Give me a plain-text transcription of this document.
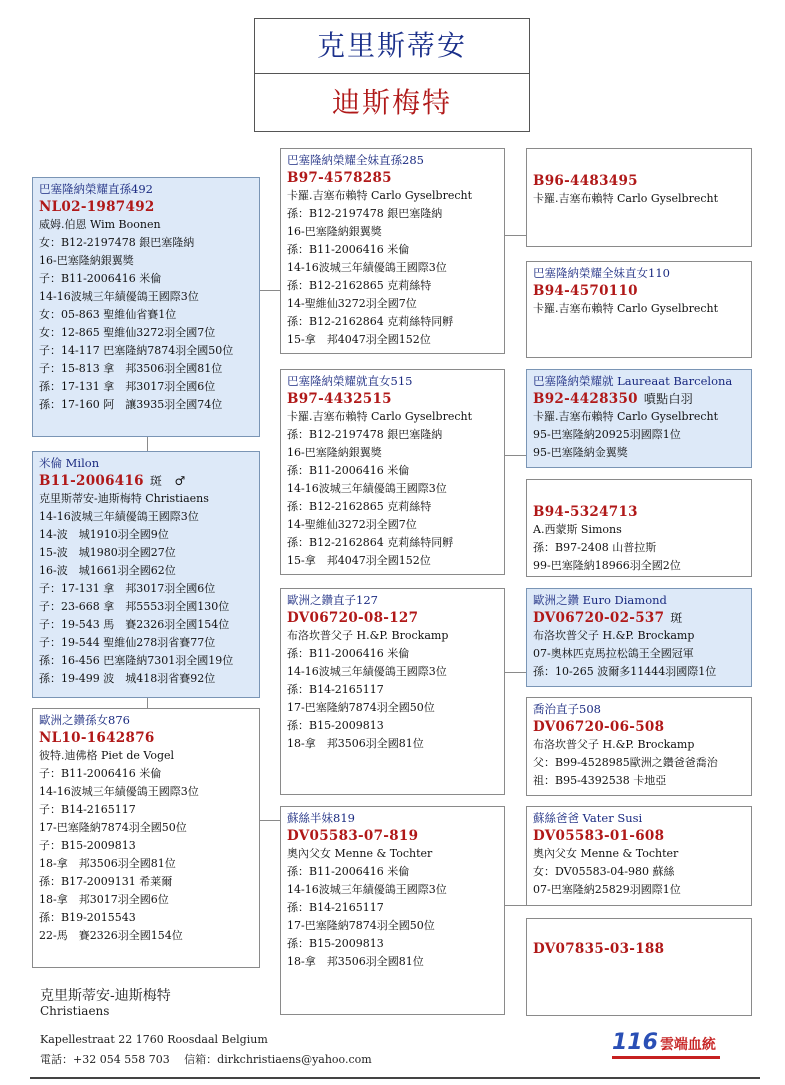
克里斯蒂安
迪斯梅特
巴塞隆納榮耀直孫492
NL02-1987492
威姆.伯恩 Wim Boonen
女：B12-2197478 銀巴塞隆納
16-巴塞隆納銀翼獎
子：B11-2006416 米倫
14-16波城三年績優鴿王國際3位
女：05-863 聖維仙省賽1位
女：12-865 聖維仙3272羽全國7位
子：14-117 巴塞隆納7874羽全國50位
子：15-813 拿　邦3506羽全國81位
孫：17-131 拿　邦3017羽全國6位
孫：17-160 阿　讓3935羽全國74位
米倫 Milon
B11-2006416 斑　♂
克里斯蒂安-迪斯梅特 Christiaens
14-16波城三年績優鴿王國際3位
14-波　城1910羽全國9位
15-波　城1980羽全國27位
16-波　城1661羽全國62位
子：17-131 拿　邦3017羽全國6位
子：23-668 拿　邦5553羽全國130位
子：19-543 馬　賽2326羽全國154位
子：19-544 聖維仙278羽省賽77位
孫：16-456 巴塞隆納7301羽全國19位
孫：19-499 波　城418羽省賽92位
歐洲之鑽孫女876
NL10-1642876
彼特.迪佛格 Piet de Vogel
子：B11-2006416 米倫
14-16波城三年績優鴿王國際3位
子：B14-2165117
17-巴塞隆納7874羽全國50位
子：B15-2009813
18-拿　邦3506羽全國81位
孫：B17-2009131 希莱爾
18-拿　邦3017羽全國6位
孫：B19-2015543
22-馬　賽2326羽全國154位
巴塞隆納榮耀全妹直孫285
B97-4578285
卡羅.吉塞布賴特 Carlo Gyselbrecht
孫：B12-2197478 銀巴塞隆納
16-巴塞隆納銀翼獎
孫：B11-2006416 米倫
14-16波城三年績優鴿王國際3位
孫：B12-2162865 克莉絲特
14-聖維仙3272羽全國7位
孫：B12-2162864 克莉絲特同孵
15-拿　邦4047羽全國152位
巴塞隆納榮耀就直女515
B97-4432515
卡羅.吉塞布賴特 Carlo Gyselbrecht
孫：B12-2197478 銀巴塞隆納
16-巴塞隆納銀翼獎
孫：B11-2006416 米倫
14-16波城三年績優鴿王國際3位
孫：B12-2162865 克莉絲特
14-聖維仙3272羽全國7位
孫：B12-2162864 克莉絲特同孵
15-拿　邦4047羽全國152位
歐洲之鑽直子127
DV06720-08-127
布洛坎普父子 H.&P. Brockamp
孫：B11-2006416 米倫
14-16波城三年績優鴿王國際3位
孫：B14-2165117
17-巴塞隆納7874羽全國50位
孫：B15-2009813
18-拿　邦3506羽全國81位
蘇絲半妹819
DV05583-07-819
奧內父女 Menne & Tochter
孫：B11-2006416 米倫
14-16波城三年績優鴿王國際3位
孫：B14-2165117
17-巴塞隆納7874羽全國50位
孫：B15-2009813
18-拿　邦3506羽全國81位
B96-4483495
卡羅.吉塞布賴特 Carlo Gyselbrecht
巴塞隆納榮耀全妹直女110
B94-4570110
卡羅.吉塞布賴特 Carlo Gyselbrecht
巴塞隆納榮耀就 Laureaat Barcelona
B92-4428350 噴點白羽
卡羅.吉塞布賴特 Carlo Gyselbrecht
95-巴塞隆納20925羽國際1位
95-巴塞隆納金翼獎
B94-5324713
A.西蒙斯 Simons
孫：B97-2408 山普拉斯
99-巴塞隆納18966羽全國2位
歐洲之鑽 Euro Diamond
DV06720-02-537 斑
布洛坎普父子 H.&P. Brockamp
07-奧林匹克馬拉松鴿王全國冠軍
孫：10-265 波爾多11444羽國際1位
喬治直子508
DV06720-06-508
布洛坎普父子 H.&P. Brockamp
父：B99-4528985歐洲之鑽爸爸喬治
祖：B95-4392538 卡地亞
蘇絲爸爸 Vater Susi
DV05583-01-608
奧內父女 Menne & Tochter
女：DV05583-04-980 蘇絲
07-巴塞隆納25829羽國際1位
DV07835-03-188
克里斯蒂安-迪斯梅特
Christiaens
Kapellestraat 22 1760 Roosdaal Belgium
電話：+32 054 558 703　 信箱：dirkchristiaens@yahoo.com
116 雲端血統
